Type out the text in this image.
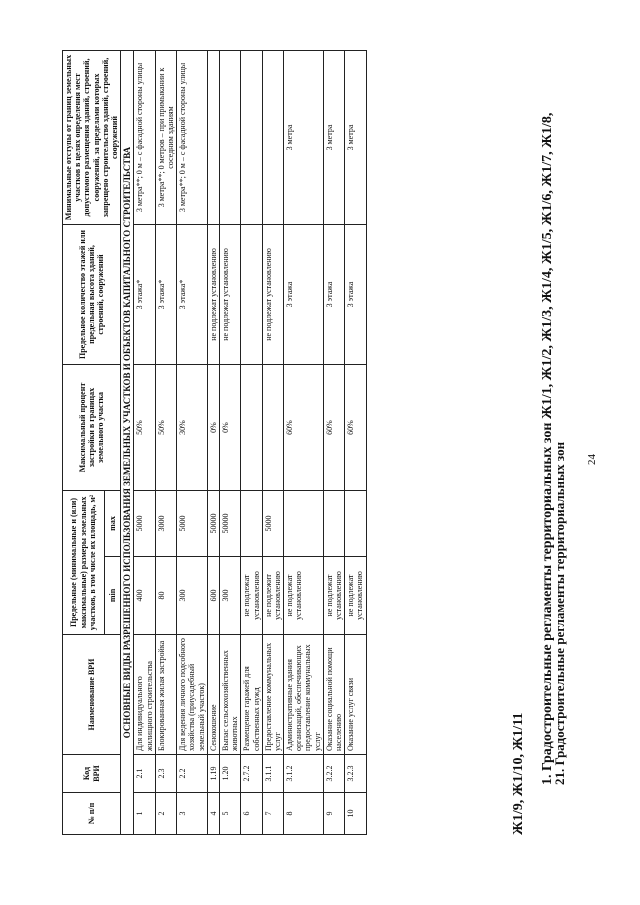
24
21. Градостроительные регламенты территориальных зон
1. Градостроительные регламенты территориальных зон Ж1/1, Ж1/2, Ж1/3, Ж1/4, Ж1/5, Ж1/6, Ж1/7, Ж1/8,
Ж1/9, Ж1/10, Ж1/11
№ п/п	Код ВРИ	Наименование ВРИ	Предельные (минимальные и (или) максимальные) размеры земельных участков, в том числе их площадь, м²		Максимальный процент застройки в границах земельного участка	Предельное количество этажей или предельная высота зданий, строений, сооружений	Минимальные отступы от границ земельных участков в целях определения мест допустимого размещения зданий, строений, сооружений, за пределами которых запрещено строительство зданий, строений, сооружений
			min	max			
ОСНОВНЫЕ ВИДЫ РАЗРЕШЕННОГО ИСПОЛЬЗОВАНИЯ ЗЕМЕЛЬНЫХ УЧАСТКОВ И ОБЪЕКТОВ КАПИТАЛЬНОГО СТРОИТЕЛЬСТВА							
1	2.1	Для индивидуального жилищного строительства	400	5000	50%	3 этажа*	3 метра**; 0 м – с фасадной стороны улицы
2	2.3	Блокированная жилая застройка	80	3000	50%	3 этажа*	3 метра**; 0 метров – при примыкании к соседним зданиям
3	2.2	Для ведения личного подсобного хозяйства (приусадебный земельный участок)	300	5000	30%	3 этажа*	3 метра**; 0 м – с фасадной стороны улицы
4	1.19	Сенокошение	600	50000	0%	не подлежат установлению	
5	1.20	Выпас сельскохозяйственных животных	300	50000	0%	не подлежат установлению	
6	2.7.2	Размещение гаражей для собственных нужд	не подлежат установлению				
7	3.1.1	Предоставление коммунальных услуг	не подлежит установлению	5000		не подлежат установлению	
8	3.1.2	Административные здания организаций, обеспечивающих предоставление коммунальных услуг	не подлежат установлению		60%	3 этажа	3 метра
9	3.2.2	Оказание социальной помощи населению	не подлежат установлению		60%	3 этажа	3 метра
10	3.2.3	Оказание услуг связи	не подлежат установлению		60%	3 этажа	3 метра
